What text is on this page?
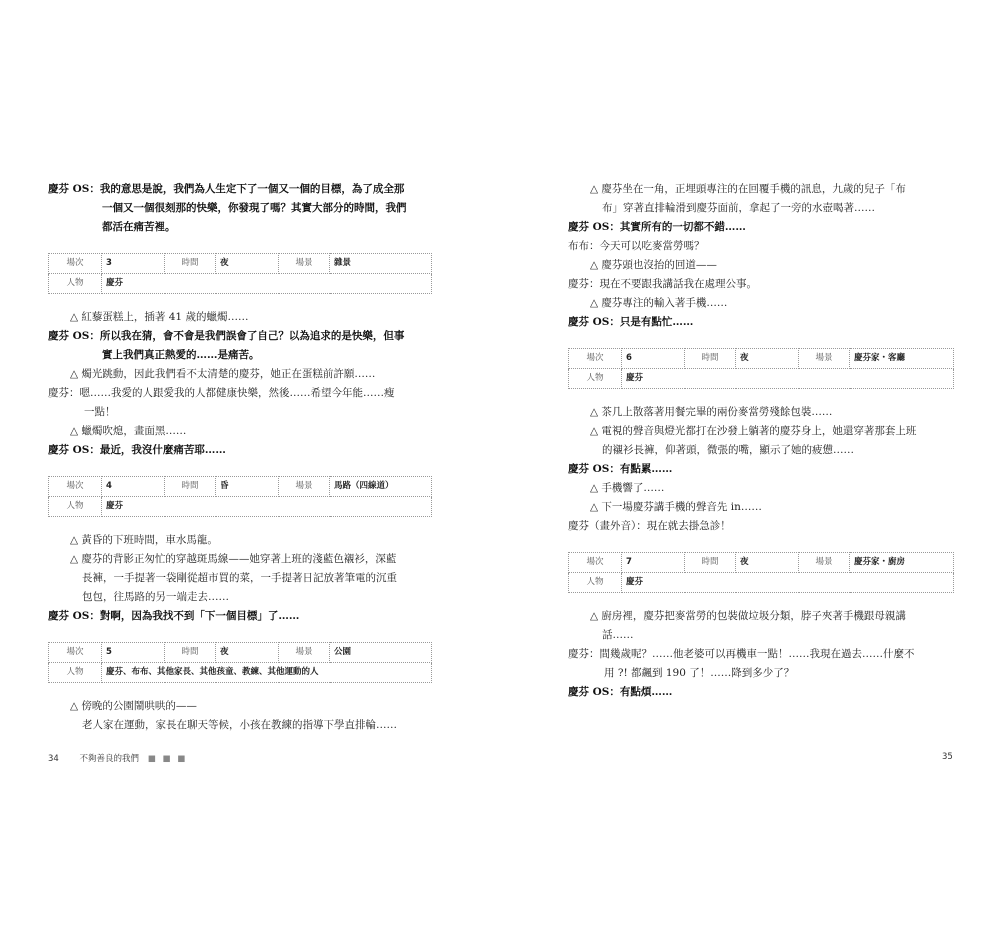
慶芬 OS：我的意思是說，我們為人生定下了一個又一個的目標，為了成全那
一個又一個很刻那的快樂，你發現了嗎？其實大部分的時間，我們
都活在痛苦裡。
場次	3	時間	夜	場景	雜景
人物	慶芬				
△ 紅藜蛋糕上，插著 41 歲的蠟燭……
慶芬 OS：所以我在猜，會不會是我們誤會了自己？以為追求的是快樂，但事
實上我們真正熱愛的……是痛苦。
△ 燭光跳動，因此我們看不太清楚的慶芬，她正在蛋糕前許願……
慶芬：嗯……我愛的人跟愛我的人都健康快樂，然後……希望今年能……瘦
一點！
△ 蠟燭吹熄，畫面黑……
慶芬 OS：最近，我沒什麼痛苦耶……
場次	4	時間	昏	場景	馬路（四線道）
人物	慶芬				
△ 黃昏的下班時間，車水馬龍。
△ 慶芬的背影正匆忙的穿越斑馬線——她穿著上班的淺藍色襯衫，深藍
長褲，一手提著一袋剛從超市買的菜，一手提著日記放著筆電的沉重
包包，往馬路的另一端走去……
慶芬 OS：對啊，因為我找不到「下一個目標」了……
場次	5	時間	夜	場景	公園
人物	慶芬、布布、其他家長、其他孩童、教練、其他運動的人				
△ 傍晚的公園鬧哄哄的——
老人家在運動，家長在聊天等候，小孩在教練的指導下學直排輪……
△ 慶芬坐在一角，正埋頭專注的在回覆手機的訊息，九歲的兒子「布
布」穿著直排輪滑到慶芬面前，拿起了一旁的水壺喝著……
慶芬 OS：其實所有的一切都不錯……
布布：今天可以吃麥當勞嗎？
△ 慶芬頭也沒抬的回道——
慶芬：現在不要跟我講話我在處理公事。
△ 慶芬專注的輸入著手機……
慶芬 OS：只是有點忙……
場次	6	時間	夜	場景	慶芬家・客廳
人物	慶芬				
△ 茶几上散落著用餐完畢的兩份麥當勞殘餘包裝……
△ 電視的聲音與燈光都打在沙發上躺著的慶芬身上，她還穿著那套上班
的襯衫長褲，仰著頭，微張的嘴，顯示了她的疲憊……
慶芬 OS：有點累……
△ 手機響了……
△ 下一場慶芬講手機的聲音先 in……
慶芬（畫外音）：現在就去掛急診！
場次	7	時間	夜	場景	慶芬家・廚房
人物	慶芬				
△ 廚房裡，慶芬把麥當勞的包裝做垃圾分類，脖子夾著手機跟母親講
話……
慶芬：間幾歲呢？……他老婆可以再機車一點！……我現在過去……什麼不
用 ?! 都飆到 190 了！……降到多少了？
慶芬 OS：有點煩……
34 不夠善良的我們 ■ ■ ■	35
